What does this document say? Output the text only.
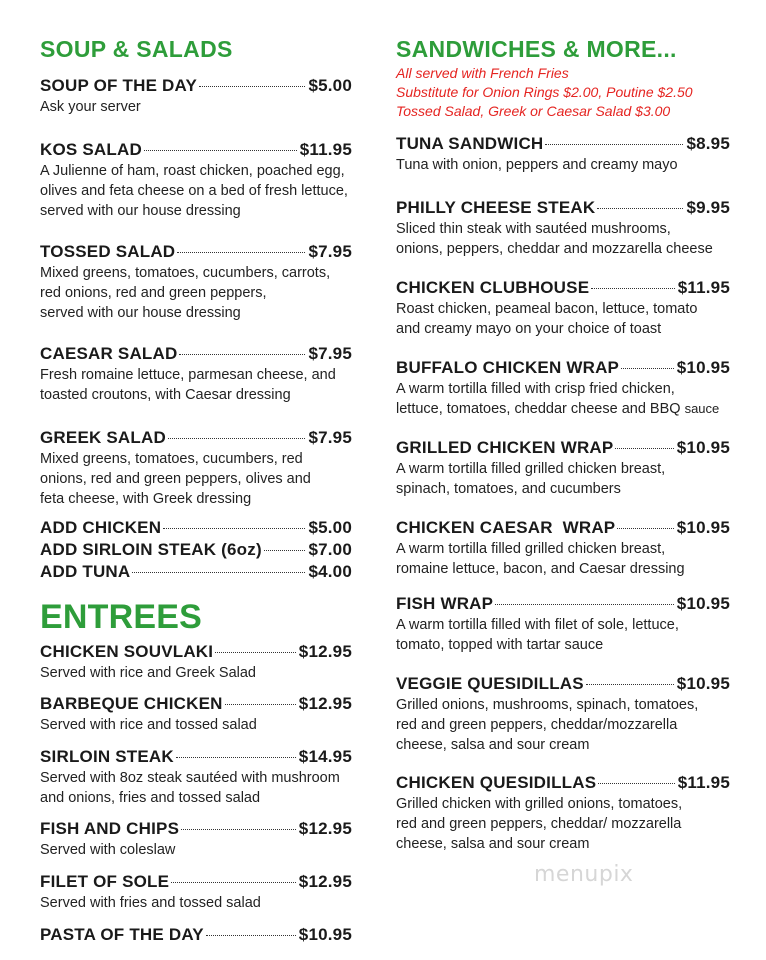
SOUP & SALADS
SOUP OF THE DAY	$5.00
Ask your server
KOS SALAD	$11.95
A Julienne of ham, roast chicken, poached egg,
olives and feta cheese on a bed of fresh lettuce,
served with our house dressing
TOSSED SALAD	$7.95
Mixed greens, tomatoes, cucumbers, carrots,
red onions, red and green peppers,
served with our house dressing
CAESAR SALAD	$7.95
Fresh romaine lettuce, parmesan cheese, and
toasted croutons, with Caesar dressing
GREEK SALAD	$7.95
Mixed greens, tomatoes, cucumbers, red
onions, red and green peppers, olives and
feta cheese, with Greek dressing
ADD CHICKEN	$5.00
ADD SIRLOIN STEAK (6oz)	$7.00
ADD TUNA	$4.00
ENTREES
CHICKEN SOUVLAKI	$12.95
Served with rice and Greek Salad
BARBEQUE CHICKEN	$12.95
Served with rice and tossed salad
SIRLOIN STEAK	$14.95
Served with 8oz steak sautéed with mushroom
and onions, fries and tossed salad
FISH AND CHIPS	$12.95
Served with coleslaw
FILET OF SOLE	$12.95
Served with fries and tossed salad
PASTA OF THE DAY	$10.95
SANDWICHES & MORE...
All served with French Fries
Substitute for Onion Rings $2.00, Poutine $2.50
Tossed Salad, Greek or Caesar Salad $3.00
TUNA SANDWICH	$8.95
Tuna with onion, peppers and creamy mayo
PHILLY CHEESE STEAK	$9.95
Sliced thin steak with sautéed mushrooms,
onions, peppers, cheddar and mozzarella cheese
CHICKEN CLUBHOUSE	$11.95
Roast chicken, peameal bacon, lettuce, tomato
and creamy mayo on your choice of toast
BUFFALO CHICKEN WRAP	$10.95
A warm tortilla filled with crisp fried chicken,
lettuce, tomatoes, cheddar cheese and BBQ sauce
GRILLED CHICKEN WRAP	$10.95
A warm tortilla filled grilled chicken breast,
spinach, tomatoes, and cucumbers
CHICKEN CAESAR  WRAP	$10.95
A warm tortilla filled grilled chicken breast,
romaine lettuce, bacon, and Caesar dressing
FISH WRAP	$10.95
A warm tortilla filled with filet of sole, lettuce,
tomato, topped with tartar sauce
VEGGIE QUESIDILLAS	$10.95
Grilled onions, mushrooms, spinach, tomatoes,
red and green peppers, cheddar/mozzarella
cheese, salsa and sour cream
CHICKEN QUESIDILLAS	$11.95
Grilled chicken with grilled onions, tomatoes,
red and green peppers, cheddar/ mozzarella
cheese, salsa and sour cream
menupix
